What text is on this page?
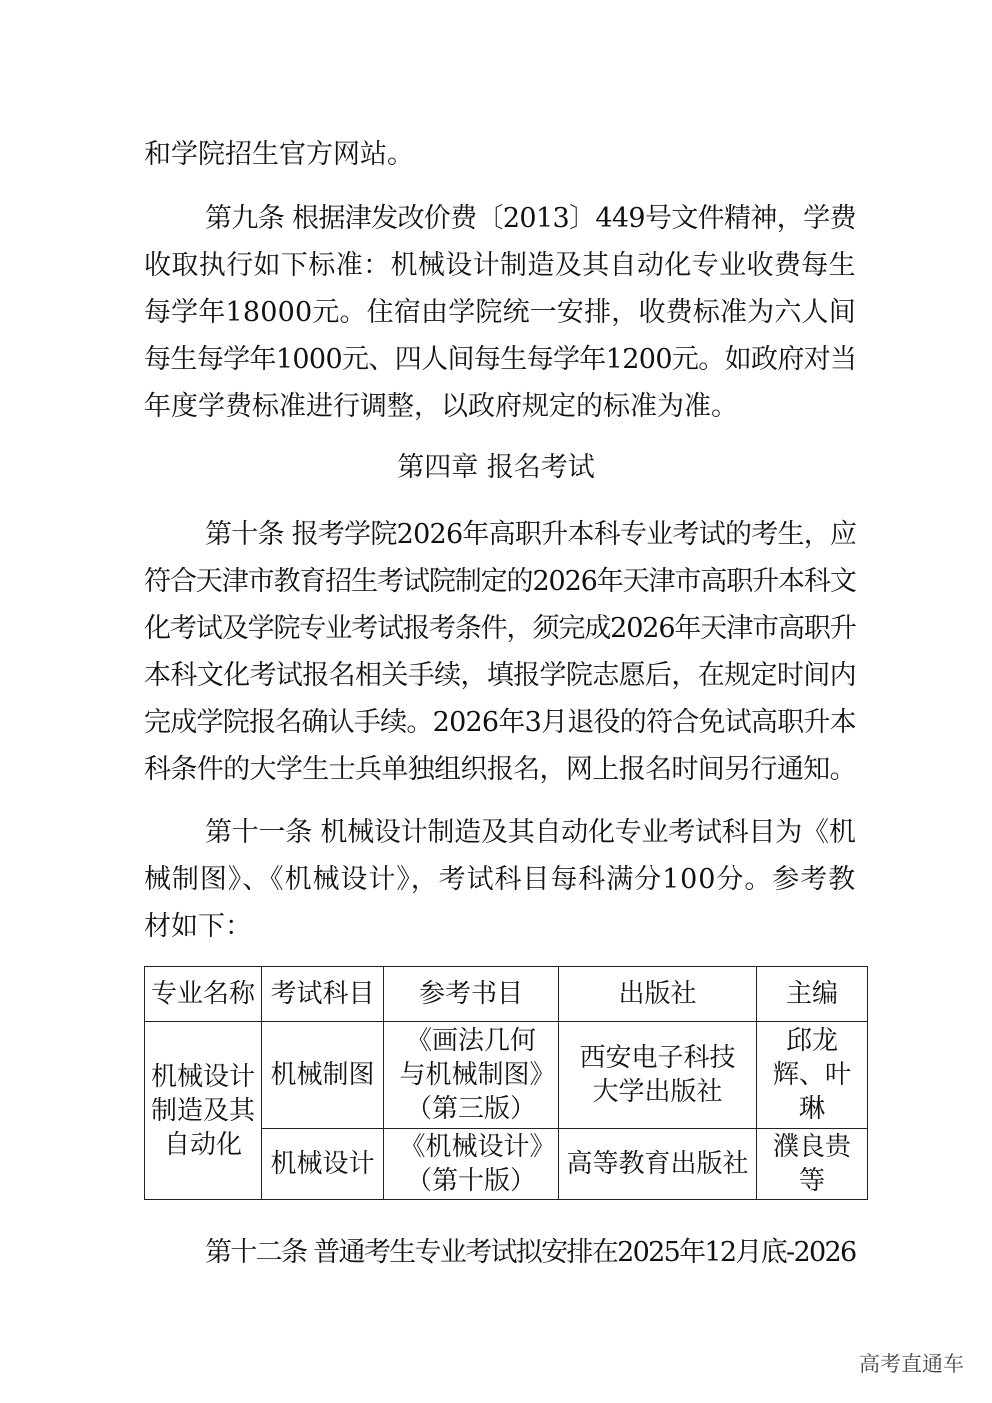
和学院招生官方网站。
第九条 根据津发改价费〔2013〕449号文件精神，学费
收取执行如下标准：机械设计制造及其自动化专业收费每生
每学年18000元。住宿由学院统一安排，收费标准为六人间
每生每学年1000元、四人间每生每学年1200元。如政府对当
年度学费标准进行调整，以政府规定的标准为准。
第四章 报名考试
第十条 报考学院2026年高职升本科专业考试的考生，应
符合天津市教育招生考试院制定的2026年天津市高职升本科文
化考试及学院专业考试报考条件，须完成2026年天津市高职升
本科文化考试报名相关手续，填报学院志愿后，在规定时间内
完成学院报名确认手续。2026年3月退役的符合免试高职升本
科条件的大学生士兵单独组织报名，网上报名时间另行通知。
第十一条 机械设计制造及其自动化专业考试科目为《机
械制图》、《机械设计》，考试科目每科满分100分。参考教
材如下：
专业名称	考试科目	参考书目	出版社	主编
机械设计制造及其自动化	机械制图	《画法几何与机械制图》（第三版）	西安电子科技大学出版社	邱龙辉、叶琳
	机械设计	《机械设计》（第十版）	高等教育出版社	濮良贵等
第十二条 普通考生专业考试拟安排在2025年12月底-2026
高考直通车
